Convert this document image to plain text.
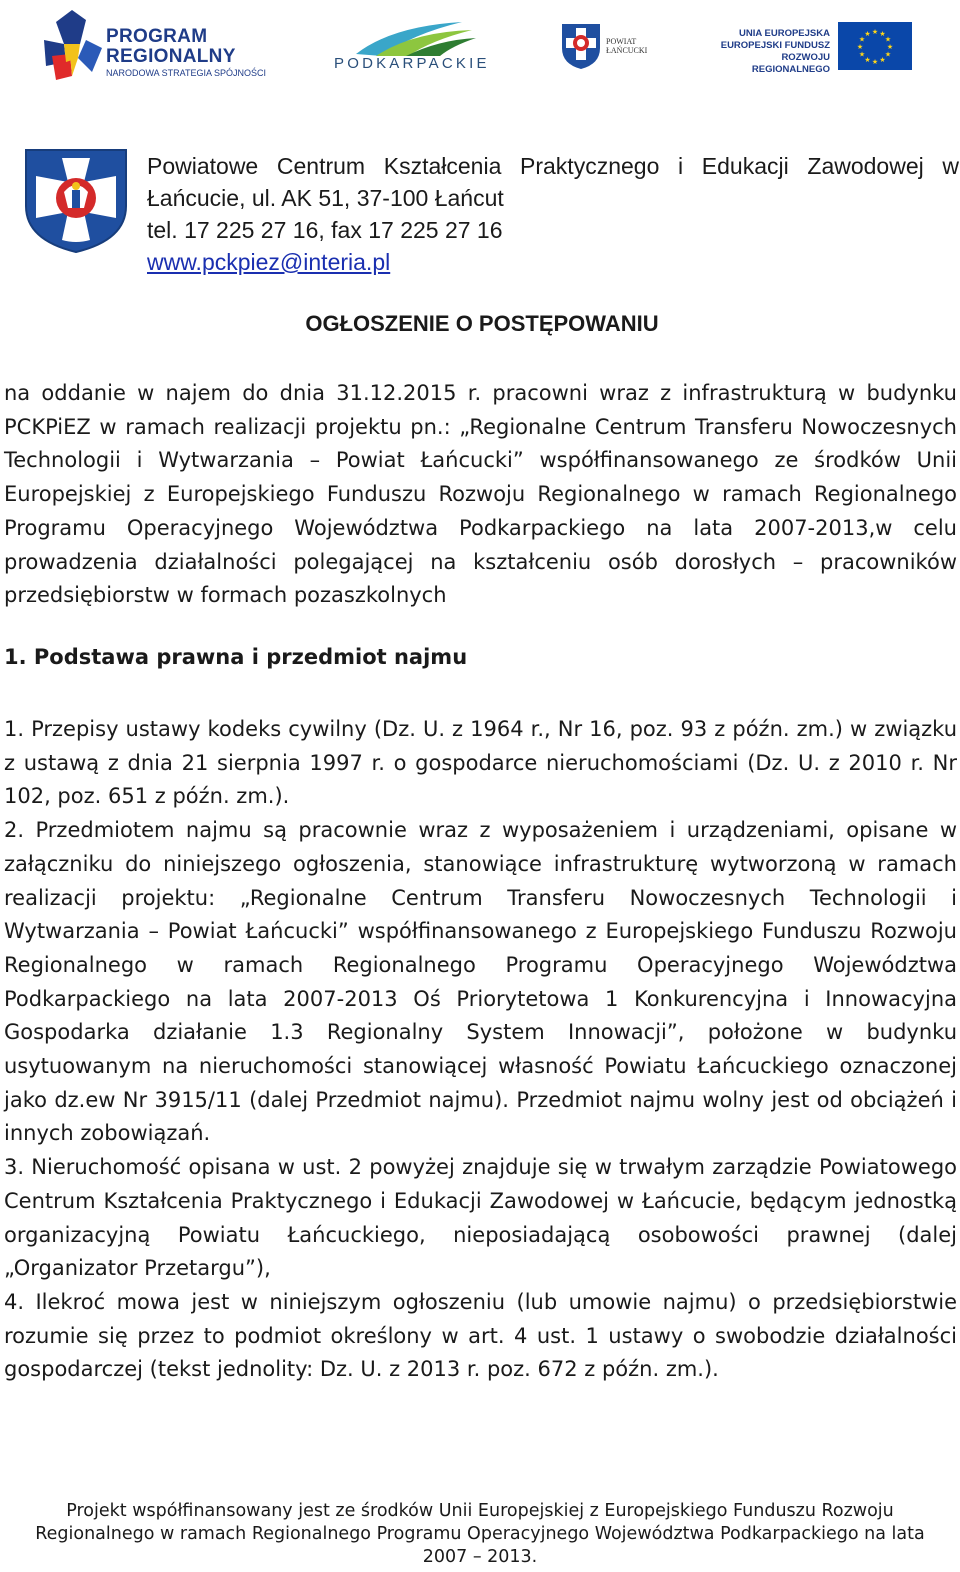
PROGRAM
REGIONALNY
NARODOWA STRATEGIA SPÓJNOŚCI
PODKARPACKIE
POWIAT
ŁAŃCUCKI
UNIA EUROPEJSKA
EUROPEJSKI FUNDUSZ
ROZWOJU REGIONALNEGO
★
★
★
★
★
★
★
★
★ ★ ★
★
Powiatowe Centrum Kształcenia Praktycznego i Edukacji Zawodowej w Łańcucie, ul. AK 51, 37-100 Łańcut
tel. 17 225 27 16, fax 17 225 27 16
www.pckpiez@interia.pl
OGŁOSZENIE O POSTĘPOWANIU

na oddanie w najem do dnia 31.12.2015 r. pracowni wraz z infrastrukturą w budynku PCKPiEZ w ramach realizacji projektu pn.: „Regionalne Centrum Transferu Nowoczesnych Technologii i Wytwarzania – Powiat Łańcucki” współfinansowanego ze środków Unii Europejskiej z Europejskiego Funduszu Rozwoju Regionalnego w ramach Regionalnego Programu Operacyjnego Województwa Podkarpackiego na lata 2007-2013,w celu prowadzenia działalności polegającej na kształceniu osób dorosłych – pracowników przedsiębiorstw w formach pozaszkolnych

1. Podstawa prawna i przedmiot najmu

1. Przepisy ustawy kodeks cywilny (Dz. U. z 1964 r., Nr 16, poz. 93 z późn. zm.) w związku z ustawą z dnia 21 sierpnia 1997 r. o gospodarce nieruchomościami (Dz. U. z 2010 r. Nr 102, poz. 651 z późn. zm.).

2. Przedmiotem najmu są pracownie wraz z wyposażeniem i urządzeniami, opisane w załączniku do niniejszego ogłoszenia, stanowiące infrastrukturę wytworzoną w ramach realizacji projektu: „Regionalne Centrum Transferu Nowoczesnych Technologii i Wytwarzania – Powiat Łańcucki” współfinansowanego z Europejskiego Funduszu Rozwoju Regionalnego w ramach Regionalnego Programu Operacyjnego Województwa Podkarpackiego na lata 2007-2013 Oś Priorytetowa 1 Konkurencyjna i Innowacyjna Gospodarka działanie 1.3 Regionalny System Innowacji”, położone w budynku usytuowanym na nieruchomości stanowiącej własność Powiatu Łańcuckiego oznaczonej jako dz.ew Nr 3915/11 (dalej Przedmiot najmu). Przedmiot najmu wolny jest od obciążeń i innych zobowiązań.

3. Nieruchomość opisana w ust. 2 powyżej znajduje się w trwałym zarządzie Powiatowego Centrum Kształcenia Praktycznego i Edukacji Zawodowej w Łańcucie, będącym jednostką organizacyjną Powiatu Łańcuckiego, nieposiadającą osobowości prawnej (dalej „Organizator Przetargu”),

4. Ilekroć mowa jest w niniejszym ogłoszeniu (lub umowie najmu) o przedsiębiorstwie rozumie się przez to podmiot określony w art. 4 ust. 1 ustawy o swobodzie działalności gospodarczej (tekst jednolity: Dz. U. z 2013 r. poz. 672 z późn. zm.).

Projekt współfinansowany jest ze środków Unii Europejskiej z Europejskiego Funduszu Rozwoju
Regionalnego w ramach Regionalnego Programu Operacyjnego Województwa Podkarpackiego na lata
2007 – 2013.
